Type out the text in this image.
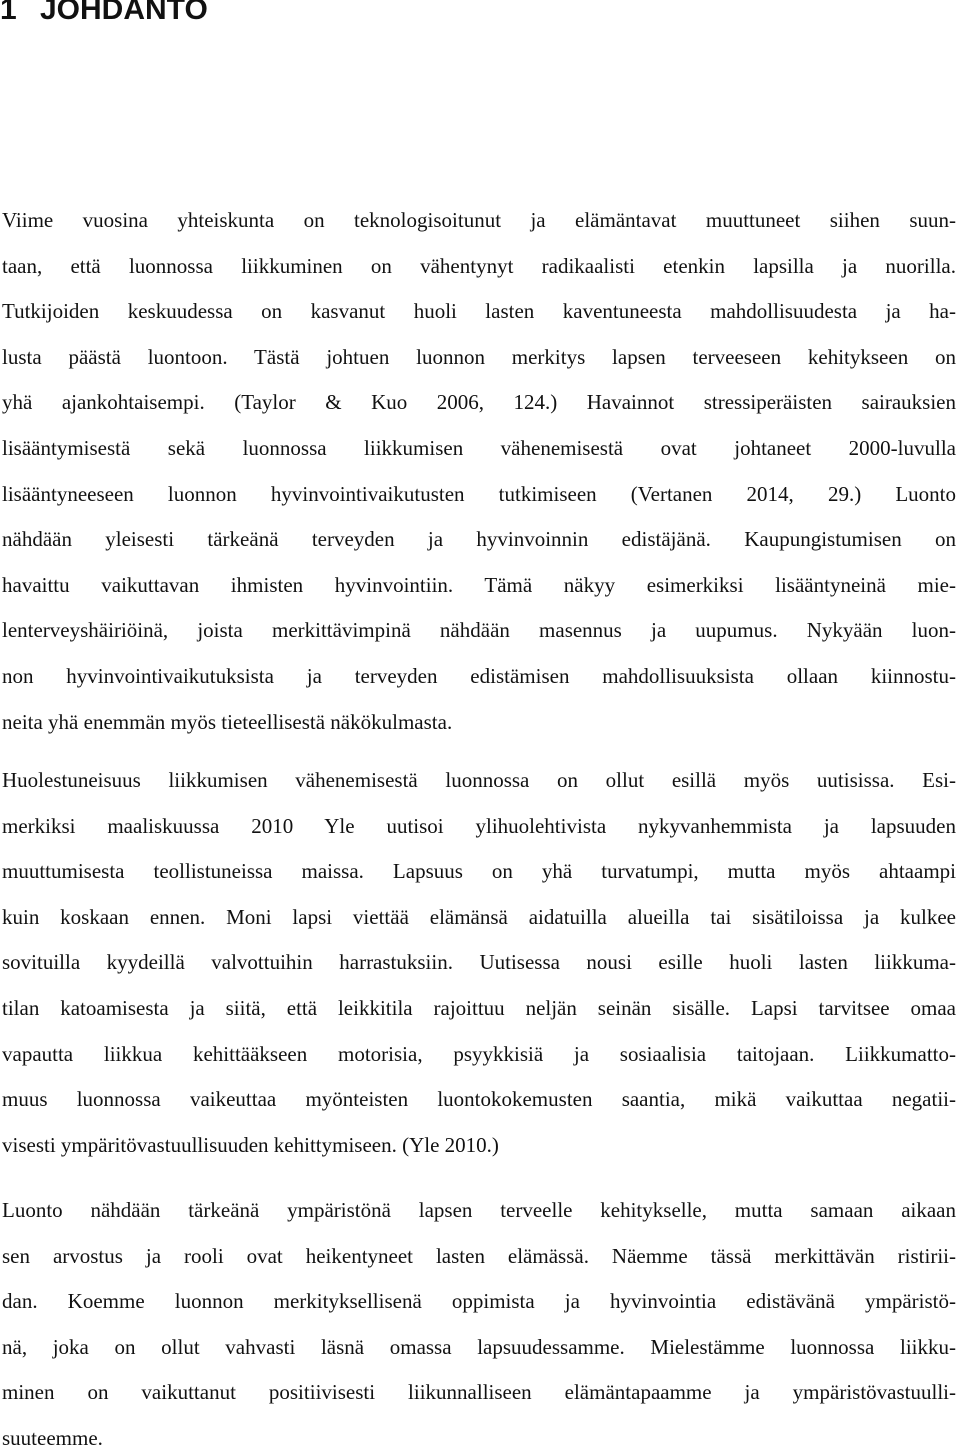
1 JOHDANTO

Viime vuosina yhteiskunta on teknologisoitunut ja elämäntavat muuttuneet siihen suun-

taan, että luonnossa liikkuminen on vähentynyt radikaalisti etenkin lapsilla ja nuorilla.

Tutkijoiden keskuudessa on kasvanut huoli lasten kaventuneesta mahdollisuudesta ja ha-

lusta päästä luontoon. Tästä johtuen luonnon merkitys lapsen terveeseen kehitykseen on

yhä ajankohtaisempi. (Taylor & Kuo 2006, 124.) Havainnot stressiperäisten sairauksien

lisääntymisestä sekä luonnossa liikkumisen vähenemisestä ovat johtaneet 2000-luvulla

lisääntyneeseen luonnon hyvinvointivaikutusten tutkimiseen (Vertanen 2014, 29.) Luonto

nähdään yleisesti tärkeänä terveyden ja hyvinvoinnin edistäjänä. Kaupungistumisen on

havaittu vaikuttavan ihmisten hyvinvointiin. Tämä näkyy esimerkiksi lisääntyneinä mie-

lenterveyshäiriöinä, joista merkittävimpinä nähdään masennus ja uupumus. Nykyään luon-

non hyvinvointivaikutuksista ja terveyden edistämisen mahdollisuuksista ollaan kiinnostu-

neita yhä enemmän myös tieteellisestä näkökulmasta.

Huolestuneisuus liikkumisen vähenemisestä luonnossa on ollut esillä myös uutisissa. Esi-

merkiksi maaliskuussa 2010 Yle uutisoi ylihuolehtivista nykyvanhemmista ja lapsuuden

muuttumisesta teollistuneissa maissa. Lapsuus on yhä turvatumpi, mutta myös ahtaampi

kuin koskaan ennen. Moni lapsi viettää elämänsä aidatuilla alueilla tai sisätiloissa ja kulkee

sovituilla kyydeillä valvottuihin harrastuksiin. Uutisessa nousi esille huoli lasten liikkuma-

tilan katoamisesta ja siitä, että leikkitila rajoittuu neljän seinän sisälle. Lapsi tarvitsee omaa

vapautta liikkua kehittääkseen motorisia, psyykkisiä ja sosiaalisia taitojaan. Liikkumatto-

muus luonnossa vaikeuttaa myönteisten luontokokemusten saantia, mikä vaikuttaa negatii-

visesti ympäritövastuullisuuden kehittymiseen. (Yle 2010.)

Luonto nähdään tärkeänä ympäristönä lapsen terveelle kehitykselle, mutta samaan aikaan

sen arvostus ja rooli ovat heikentyneet lasten elämässä. Näemme tässä merkittävän ristirii-

dan. Koemme luonnon merkityksellisenä oppimista ja hyvinvointia edistävänä ympäristö-

nä, joka on ollut vahvasti läsnä omassa lapsuudessamme. Mielestämme luonnossa liikku-

minen on vaikuttanut positiivisesti liikunnalliseen elämäntapaamme ja ympäristövastuulli-

suuteemme.
